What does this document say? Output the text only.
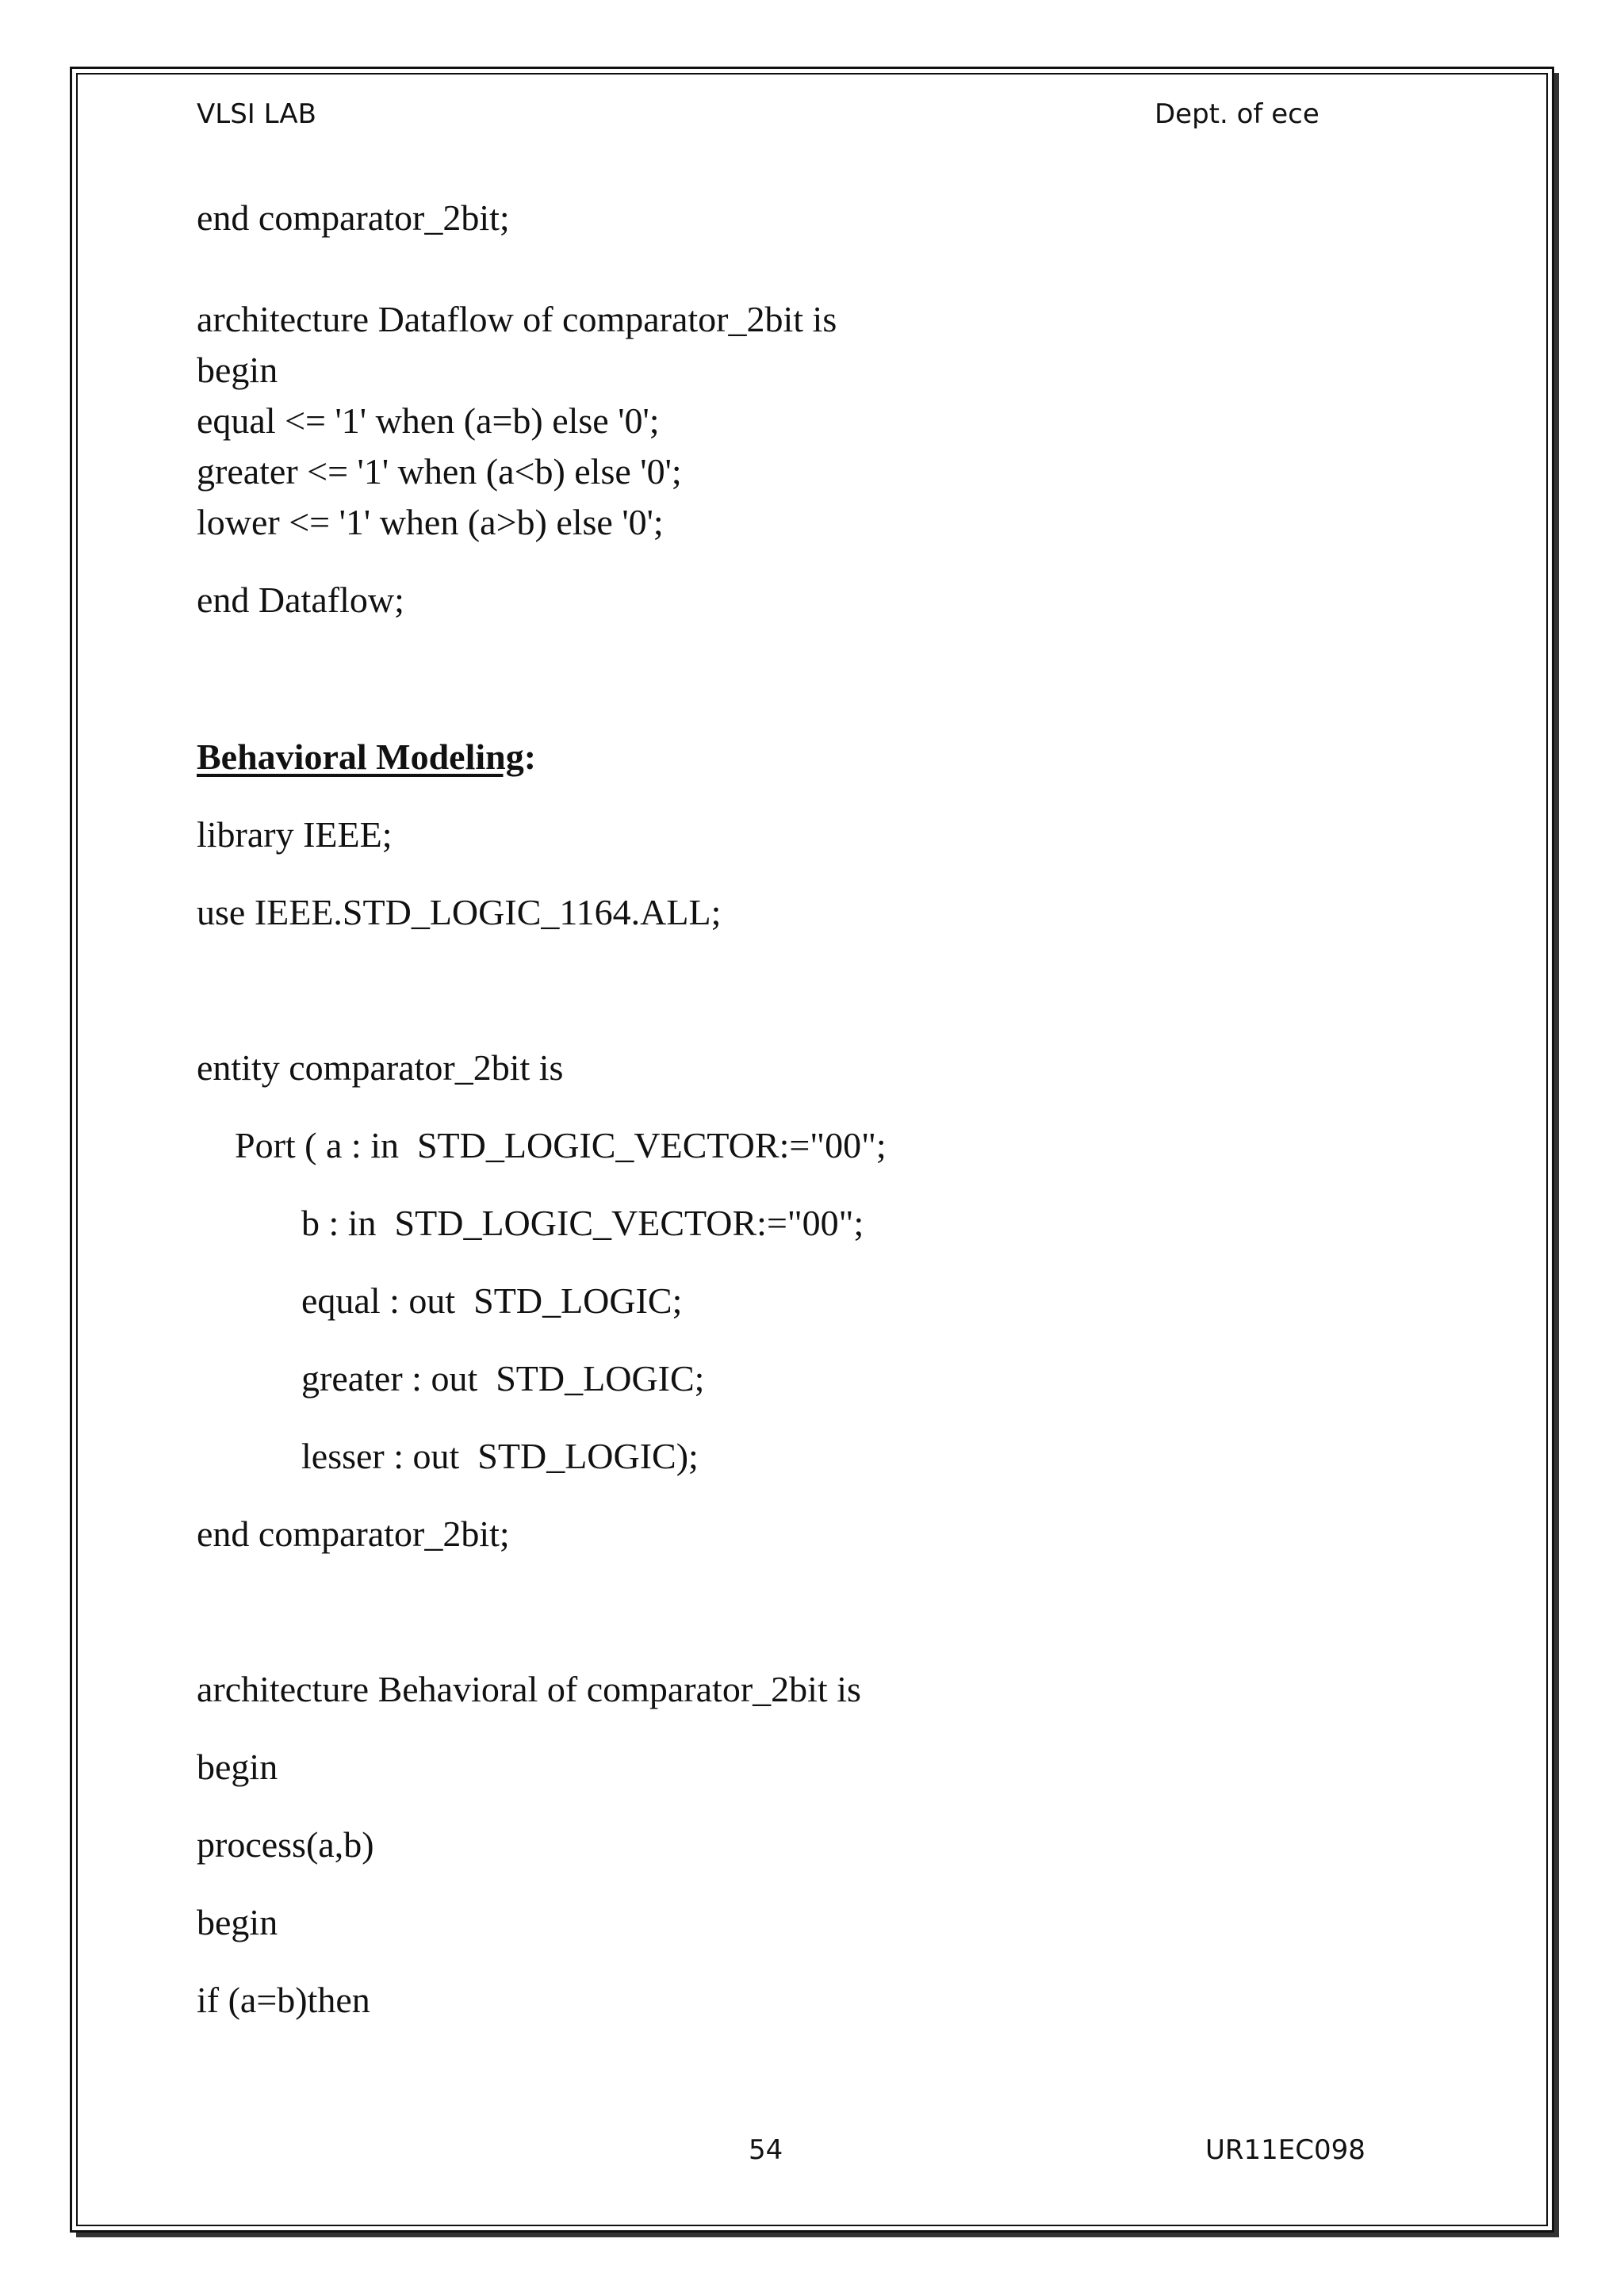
VLSI LAB	Dept. of ece
end comparator_2bit;
architecture Dataflow of comparator_2bit is
begin
equal <= '1' when (a=b) else '0';
greater <= '1' when (a<b) else '0';
lower <= '1' when (a>b) else '0';
end Dataflow;
Behavioral Modeling:
library IEEE;
use IEEE.STD_LOGIC_1164.ALL;
entity comparator_2bit is
Port ( a : in  STD_LOGIC_VECTOR:="00";
b : in  STD_LOGIC_VECTOR:="00";
equal : out  STD_LOGIC;
greater : out  STD_LOGIC;
lesser : out  STD_LOGIC);
end comparator_2bit;
architecture Behavioral of comparator_2bit is
begin
process(a,b)
begin
if (a=b)then
54	UR11EC098
